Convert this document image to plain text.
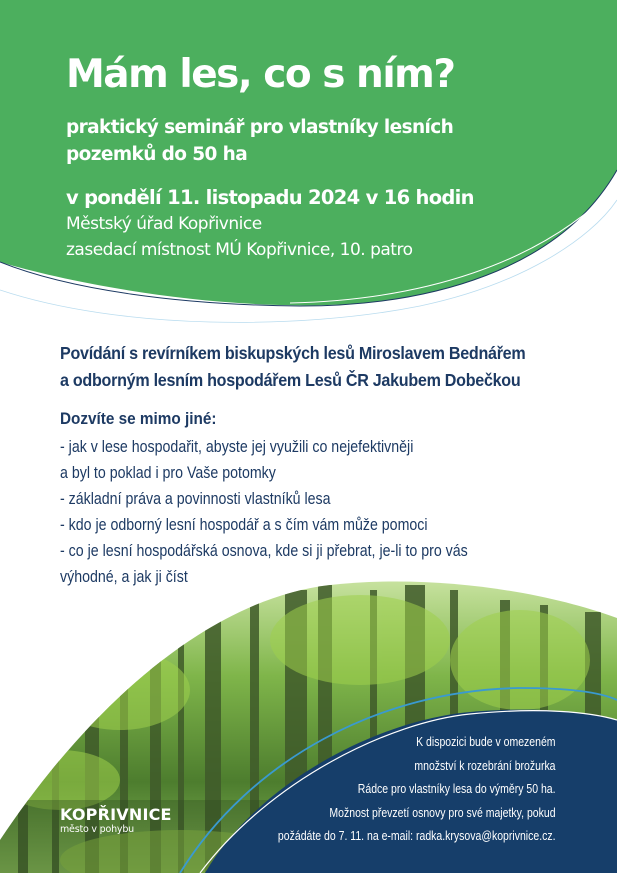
Mám les, co s ním?
praktický seminář pro vlastníky lesních
pozemků do 50 ha
v pondělí 11. listopadu 2024 v 16 hodin
Městský úřad Kopřivnice
zasedací místnost MÚ Kopřivnice, 10. patro
Povídání s revírníkem biskupských lesů Miroslavem Bednářem
a odborným lesním hospodářem Lesů ČR Jakubem Dobečkou
Dozvíte se mimo jiné:
- jak v lese hospodařit, abyste jej využili co nejefektivněji
a byl to poklad i pro Vaše potomky
- základní práva a povinnosti vlastníků lesa
- kdo je odborný lesní hospodář a s čím vám může pomoci
- co je lesní hospodářská osnova, kde si ji přebrat, je-li to pro vás
výhodné, a jak ji číst
K dispozici bude v omezeném
množství k rozebrání brožurka
Rádce pro vlastníky lesa do výměry 50 ha.
Možnost převzetí osnovy pro své majetky, pokud
požádáte do 7. 11. na e-mail: radka.krysova@koprivnice.cz.
KOPŘIVNICE
město v pohybu
